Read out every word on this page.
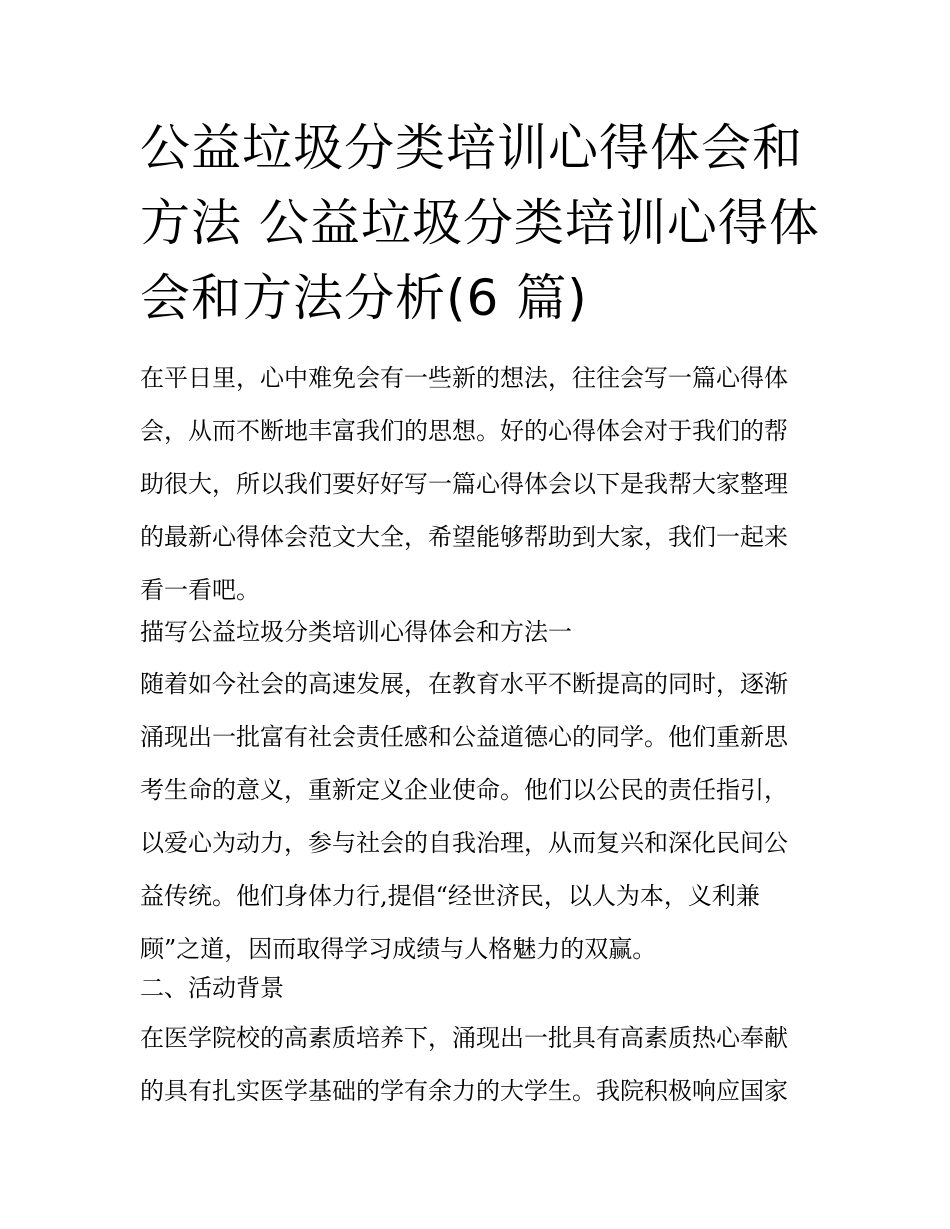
公益垃圾分类培训心得体会和
方法 公益垃圾分类培训心得体
会和方法分析(6 篇)
在平日里，心中难免会有一些新的想法，往往会写一篇心得体
会，从而不断地丰富我们的思想。好的心得体会对于我们的帮
助很大，所以我们要好好写一篇心得体会以下是我帮大家整理
的最新心得体会范文大全，希望能够帮助到大家，我们一起来
看一看吧。
描写公益垃圾分类培训心得体会和方法一
随着如今社会的高速发展，在教育水平不断提高的同时，逐渐
涌现出一批富有社会责任感和公益道德心的同学。他们重新思
考生命的意义，重新定义企业使命。他们以公民的责任指引，
以爱心为动力，参与社会的自我治理，从而复兴和深化民间公
益传统。他们身体力行,提倡“经世济民，以人为本，义利兼
顾”之道，因而取得学习成绩与人格魅力的双赢。
二、活动背景
在医学院校的高素质培养下，涌现出一批具有高素质热心奉献
的具有扎实医学基础的学有余力的大学生。我院积极响应国家
